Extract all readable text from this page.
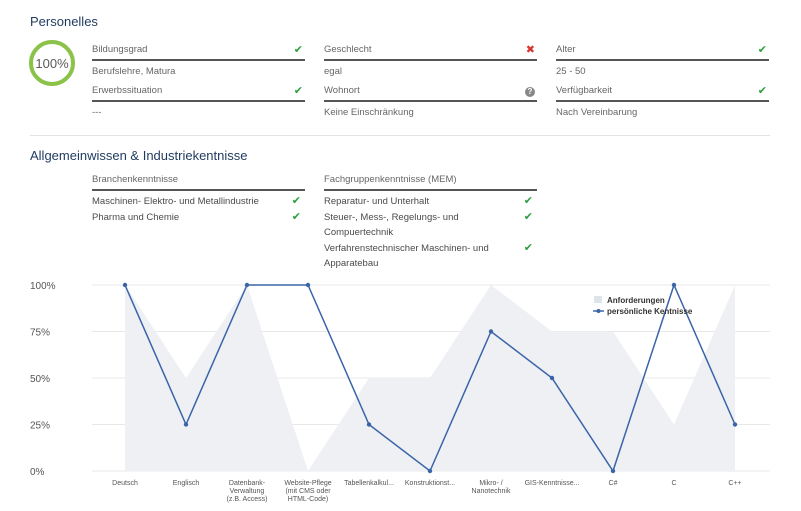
Personelles
100%
Bildungsgrad	✔
Berufslehre, Matura
Geschlecht	✖
egal
Alter	✔
25 - 50
Erwerbssituation	✔
---
Wohnort	?
Keine Einschränkung
Verfügbarkeit	✔
Nach Vereinbarung
Allgemeinwissen & Industriekentnisse
Branchenkenntnisse
Maschinen- Elektro- und Metallindustrie	✔
Pharma und Chemie	✔
Fachgruppenkenntnisse (MEM)
Reparatur- und Unterhalt	✔
Steuer-, Mess-, Regelungs- und Compuertechnik
✔
Verfahrenstechnischer Maschinen- und Apparatebau
✔
0%
25%
50%
75%
100%
Deutsch	Englisch	Datenbank-Verwaltung (z.B. Access)
Website-Pflege (mit CMS oder HTML-Code)
Tabellenkalkul... Konstruktionst...	Mikro- / Nanotechnik
GIS-Kenntnisse...	C#	C	C++
Anforderungen
persönliche Kentnisse
